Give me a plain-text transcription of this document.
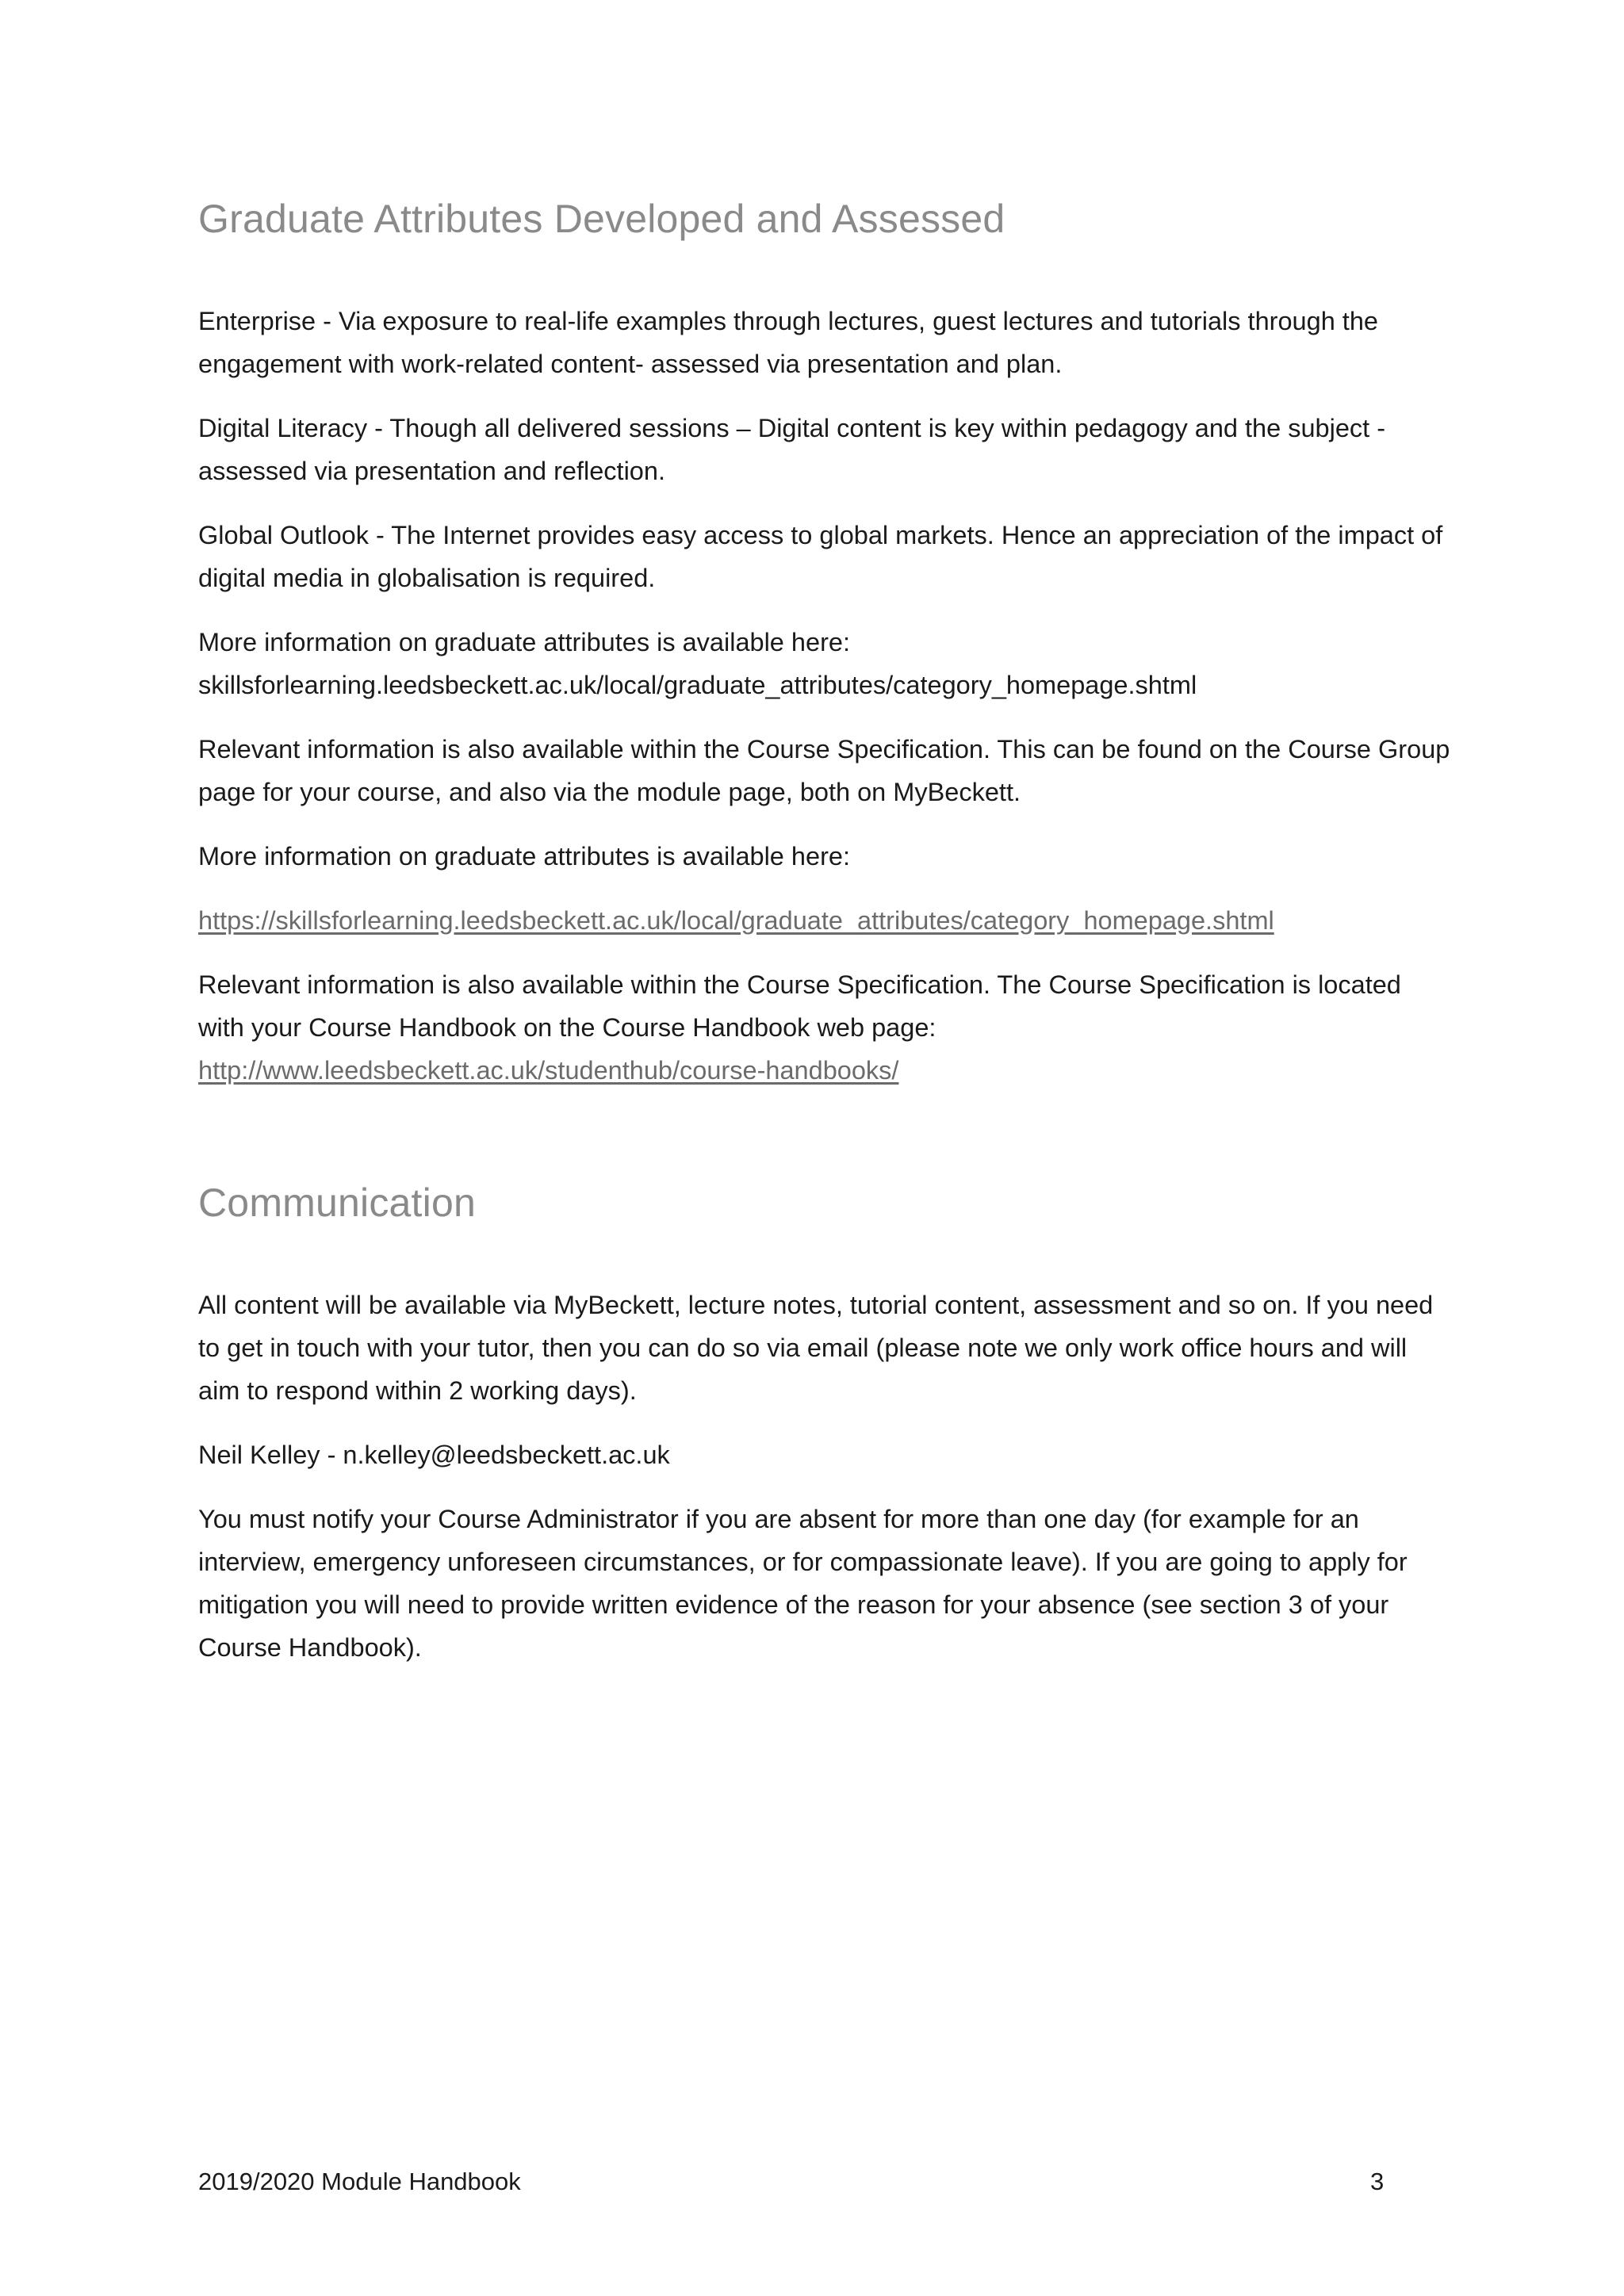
Graduate Attributes Developed and Assessed

Enterprise - Via exposure to real-life examples through lectures, guest lectures and tutorials through the engagement with work-related content- assessed via presentation and plan.

Digital Literacy - Though all delivered sessions – Digital content is key within pedagogy and the subject - assessed via presentation and reflection.

Global Outlook - The Internet provides easy access to global markets. Hence an appreciation of the impact of digital media in globalisation is required.

More information on graduate attributes is available here:
skillsforlearning.leedsbeckett.ac.uk/local/graduate_attributes/category_homepage.shtml

Relevant information is also available within the Course Specification. This can be found on the Course Group page for your course, and also via the module page, both on MyBeckett.

More information on graduate attributes is available here:

https://skillsforlearning.leedsbeckett.ac.uk/local/graduate_attributes/category_homepage.shtml

Relevant information is also available within the Course Specification. The Course Specification is located with your Course Handbook on the Course Handbook web page:
http://www.leedsbeckett.ac.uk/studenthub/course-handbooks/

Communication

All content will be available via MyBeckett, lecture notes, tutorial content, assessment and so on. If you need to get in touch with your tutor, then you can do so via email (please note we only work office hours and will aim to respond within 2 working days).

Neil Kelley - n.kelley@leedsbeckett.ac.uk

You must notify your Course Administrator if you are absent for more than one day (for example for an interview, emergency unforeseen circumstances, or for compassionate leave). If you are going to apply for mitigation you will need to provide written evidence of the reason for your absence (see section 3 of your Course Handbook).

2019/2020 Module Handbook	3
